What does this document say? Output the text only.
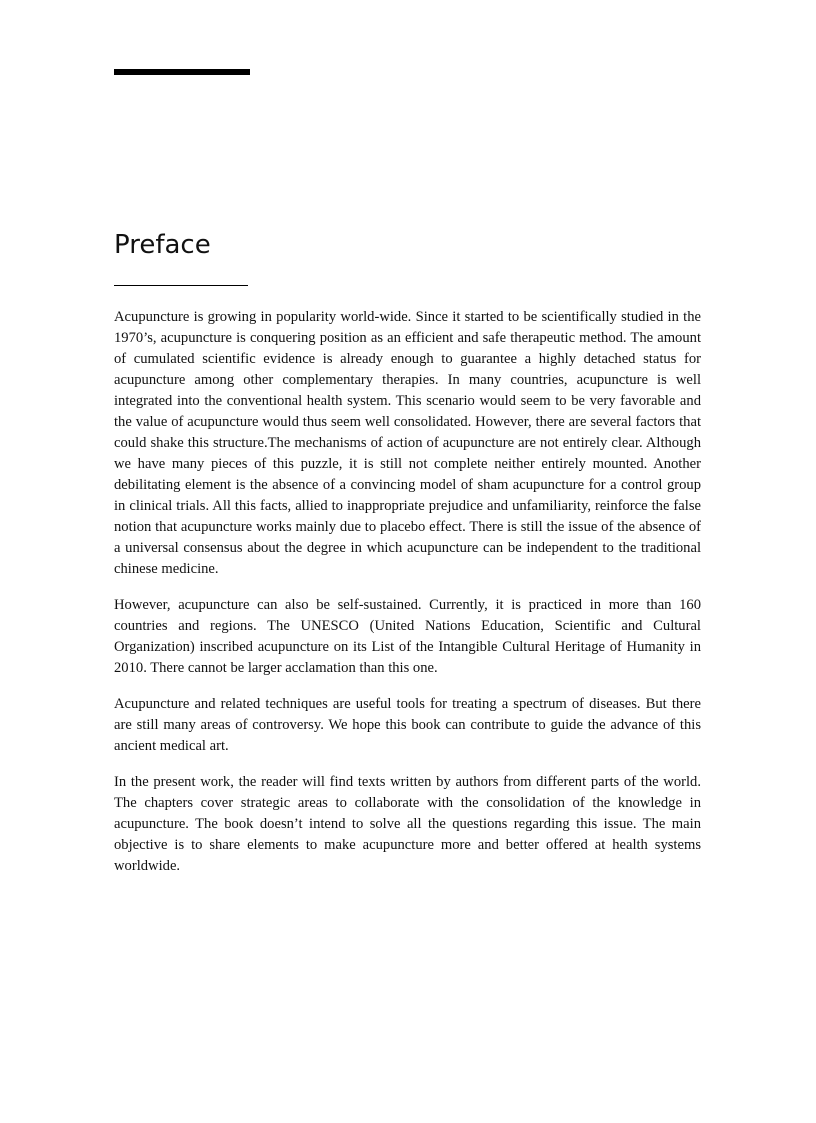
Preface

Acupuncture is growing in popularity world-wide. Since it started to be scientifically studied in the 1970’s, acupuncture is conquering position as an efficient and safe therapeutic method. The amount of cumulated scientific evidence is already enough to guarantee a highly detached status for acupuncture among other complementary therapies. In many countries, acupuncture is well integrated into the conventional health system. This scenario would seem to be very favorable and the value of acupuncture would thus seem well consolidated. However, there are several factors that could shake this structure.The mechanisms of action of acupuncture are not entirely clear. Although we have many pieces of this puzzle, it is still not complete neither entirely mounted. Another debilitating element is the absence of a convincing model of sham acupuncture for a control group in clinical trials. All this facts, allied to inappropriate prejudice and unfamiliarity, reinforce the false notion that acupuncture works mainly due to placebo effect. There is still the issue of the absence of a universal consensus about the degree in which acupuncture can be independent to the traditional chinese medicine.

However, acupuncture can also be self-sustained. Currently, it is practiced in more than 160 countries and regions. The UNESCO (United Nations Education, Scientific and Cultural Organization) inscribed acupuncture on its List of the Intangible Cultural Heritage of Humanity in 2010. There cannot be larger acclamation than this one.

Acupuncture and related techniques are useful tools for treating a spectrum of diseases. But there are still many areas of controversy. We hope this book can contribute to guide the advance of this ancient medical art.

In the present work, the reader will find texts written by authors from different parts of the world. The chapters cover strategic areas to collaborate with the consolidation of the knowledge in acupuncture. The book doesn’t intend to solve all the questions regarding this issue. The main objective is to share elements to make acupuncture more and better offered at health systems worldwide.
